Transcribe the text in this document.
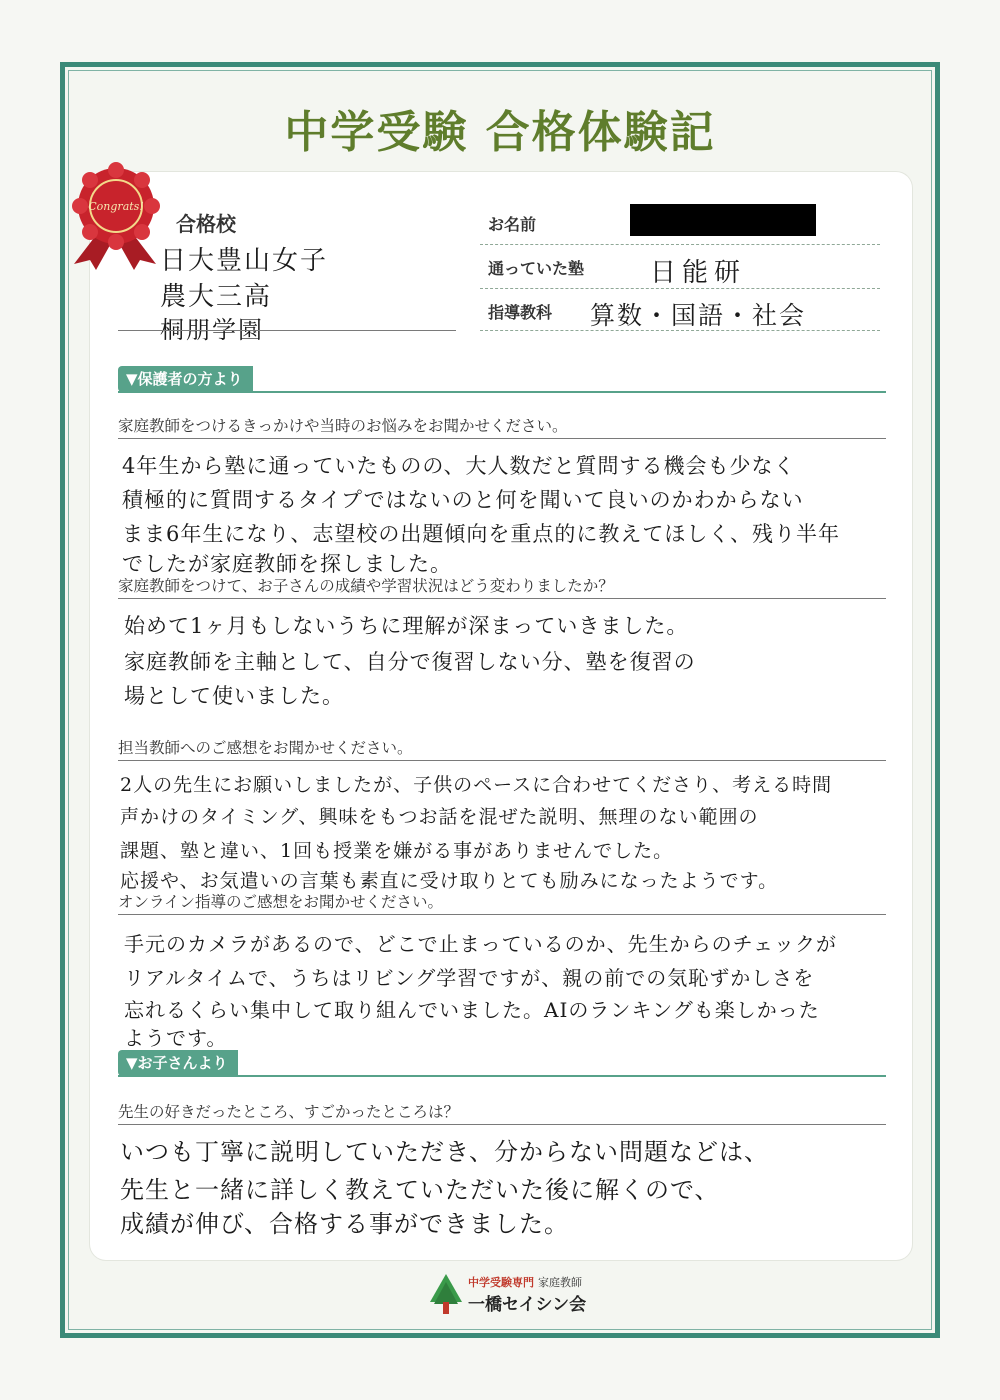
中学受験 合格体験記
Congrats!
合格校
日大豊山女子
農大三高
桐朋学園
お名前
通っていた塾	日能研
指導教科 算数・国語・社会
▼保護者の方より
家庭教師をつけるきっかけや当時のお悩みをお聞かせください。
4年生から塾に通っていたものの、大人数だと質問する機会も少なく
積極的に質問するタイプではないのと何を聞いて良いのかわからない
まま6年生になり、志望校の出題傾向を重点的に教えてほしく、残り半年
でしたが家庭教師を探しました。
家庭教師をつけて、お子さんの成績や学習状況はどう変わりましたか？
始めて1ヶ月もしないうちに理解が深まっていきました。
家庭教師を主軸として、自分で復習しない分、塾を復習の
場として使いました。
担当教師へのご感想をお聞かせください。
2人の先生にお願いしましたが、子供のペースに合わせてくださり、考える時間
声かけのタイミング、興味をもつお話を混ぜた説明、無理のない範囲の
課題、塾と違い、1回も授業を嫌がる事がありませんでした。
応援や、お気遣いの言葉も素直に受け取りとても励みになったようです。
オンライン指導のご感想をお聞かせください。
手元のカメラがあるので、どこで止まっているのか、先生からのチェックが
リアルタイムで、うちはリビング学習ですが、親の前での気恥ずかしさを
忘れるくらい集中して取り組んでいました。AIのランキングも楽しかった
ようです。
▼お子さんより
先生の好きだったところ、すごかったところは？
いつも丁寧に説明していただき、分からない問題などは、
先生と一緒に詳しく教えていただいた後に解くので、
成績が伸び、合格する事ができました。
中学受験専門 家庭教師
一橋セイシン会
